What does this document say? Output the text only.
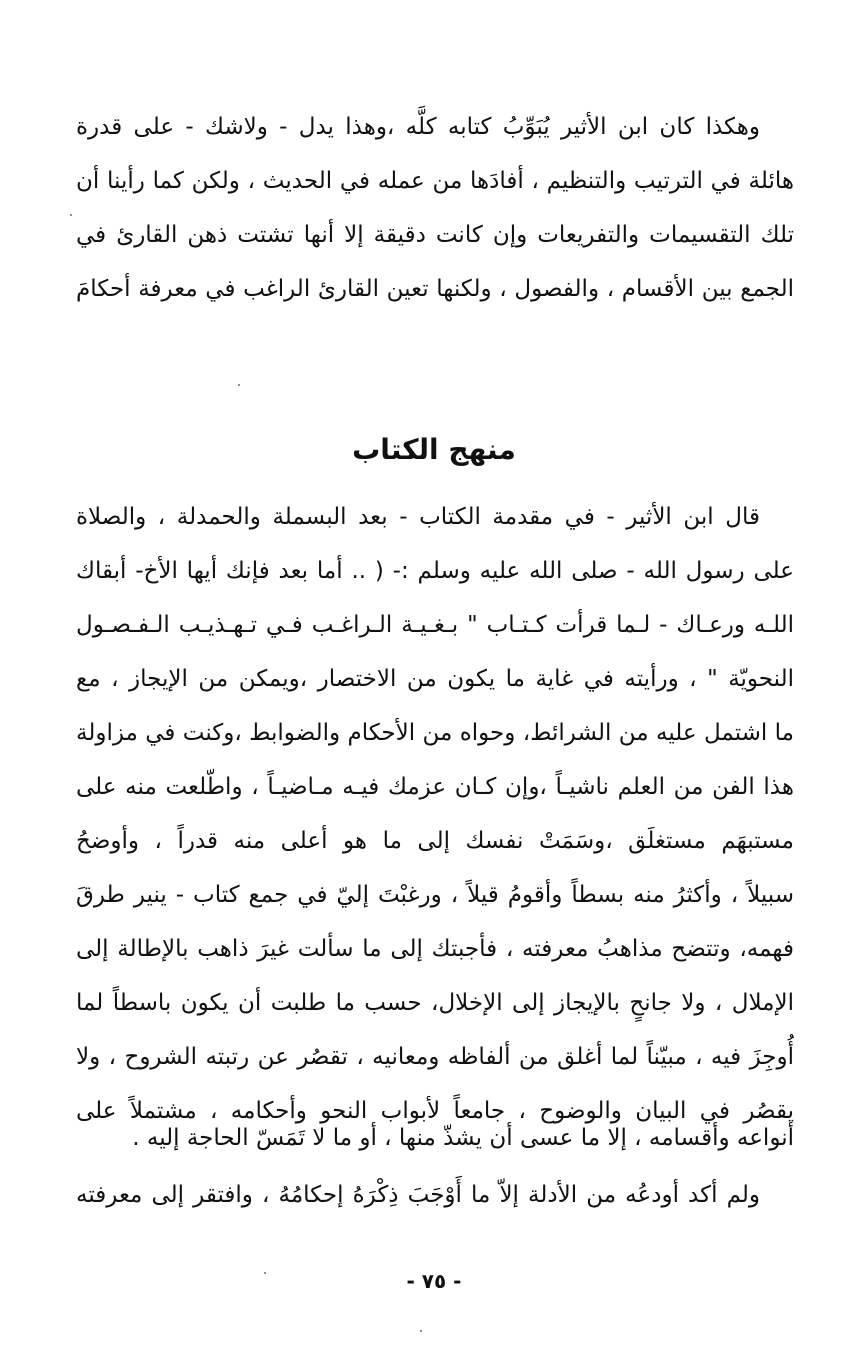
وهكذا كان ابن الأثير يُبَوِّبُ كتابه كلَّه ،وهذا يدل - ولاشك - على قدرة

هائلة في الترتيب والتنظيم ، أفادَها من عمله في الحديث ، ولكن كما رأينا أن

تلك التقسيمات والتفريعات وإن كانت دقيقة إلا أنها تشتت ذهن القارئ في

الجمع بين الأقسام ، والفصول ، ولكنها تعين القارئ الراغب في معرفة أحكامَ

منهج الكتاب

قال ابن الأثير - في مقدمة الكتاب - بعد البسملة والحمدلة ، والصلاة

على رسول الله - صلى الله عليه وسلم :- ( .. أما بعد فإنك أيها الأخ- أبقاك

اللـه ورعـاك - لـما قرأت كـتـاب " بـغـيـة الـراغـب فـي تـهـذيـب الـفـصـول

النحويّة " ، ورأيته في غاية ما يكون من الاختصار ،ويمكن من الإيجاز ، مع

ما اشتمل عليه من الشرائط، وحواه من الأحكام والضوابط ،وكنت في مزاولة

هذا الفن من العلم ناشيـاً ،وإن كـان عزمك فيـه مـاضيـاً ، واطّلعت منه على

مستبهَم مستغلَق ،وسَمَتْ نفسك إلى ما هو أعلى منه قدراً ، وأوضحُ

سبيلاً ، وأكثرُ منه بسطاً وأقومُ قيلاً ، ورغبْتَ إليّ في جمع كتاب - ينير طرقَ

فهمه، وتتضح مذاهبُ معرفته ، فأجبتك إلى ما سألت غيرَ ذاهب بالإطالة إلى

الإملال ، ولا جانحٍ بالإيجاز إلى الإخلال، حسب ما طلبت أن يكون باسطاً لما

أُوجِزَ فيه ، مبيّناً لما أغلق من ألفاظه ومعانيه ، تقصُر عن رتبته الشروح ، ولا

يقصُر في البيان والوضوح ، جامعاً لأبواب النحو وأحكامه ، مشتملاً على

أنواعه وأقسامه ، إلا ما عسى أن يشذّ منها ، أو ما لا تَمَسّ الحاجة إليه .

ولم أكد أودعُه من الأدلة إلاّ ما أَوْجَبَ ذِكْرَهُ إحكامُهُ ، وافتقر إلى معرفته

- ٧٥ -
